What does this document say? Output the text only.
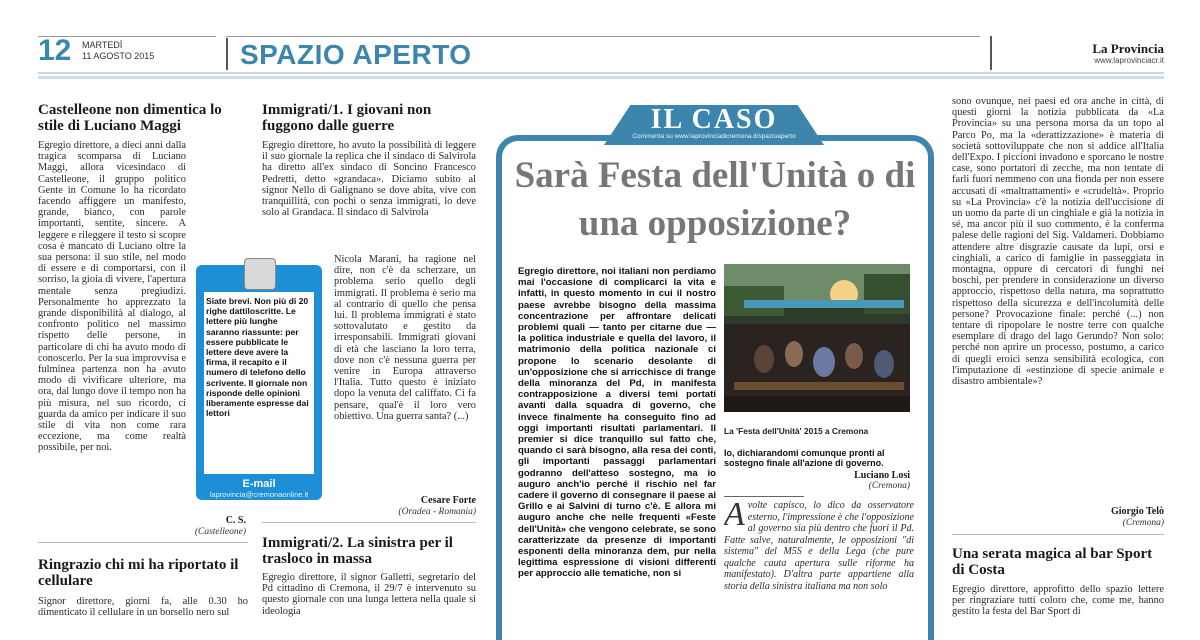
12 MARTEDÌ
11 AGOSTO 2015	SPAZIO APERTO	La Provincia
www.laprovinciacr.it
Castelleone non dimentica lo stile di Luciano Maggi
Egregio direttore, a dieci anni dalla tragica scomparsa di Luciano Maggi, allora vicesindaco di Castelleone, il gruppo politico Gente in Comune lo ha ricordato facendo affiggere un manifesto, grande, bianco, con parole importanti, sentite, sincere. A leggere e rileggere il testo si scopre cosa è mancato di Luciano oltre la sua persona: il suo stile, nel modo di essere e di comportarsi, con il sorriso, la gioia di vivere, l'apertura mentale senza pregiudizi. Personalmente ho apprezzato la grande disponibilità al dialogo, al confronto politico nel massimo rispetto delle persone, in particolare di chi ha avuto modo di conoscerlo. Per la sua improvvisa e fulminea partenza non ha avuto modo di vivificare ulteriore, ma ora, dal lungo dove il tempo non ha più misura, nel suo ricordo, ci guarda da amico per indicare il suo stile di vita non come rara eccezione, ma come realtà possibile, per noi.
C. S.
(Castelleone)
Ringrazio chi mi ha riportato il cellulare
Signor direttore, giorni fa, alle 0.30 ho dimenticato il cellulare in un borsello nero sul
Immigrati/1. I giovani non fuggono dalle guerre
Egregio direttore, ho avuto la possibilità di leggere il suo giornale la replica che il sindaco di Salvirola ha diretto all'ex sindaco di Soncino Francesco Pedretti, detto «grandaca». Diciamo subito al signor Nello di Galignano se dove abita, vive con tranquillità, con pochi o senza immigrati, lo deve solo al Grandaca. Il sindaco di Salvirola
Nicola Marani, ha ragione nel dire, non c'è da scherzare, un problema serio quello degli immigrati. Il problema è serio ma al contrario di quello che pensa lui. Il problema immigrati è stato sottovalutato e gestito da irresponsabili. Immigrati giovani di età che lasciano la loro terra, dove non c'è nessuna guerra per venire in Europa attraverso l'Italia. Tutto questo è iniziato dopo la venuta del califfato. Ci fa pensare, qual'è il loro vero obiettivo. Una guerra santa? (...)
Cesare Forte
(Oradea - Romania)
Immigrati/2. La sinistra per il trasloco in massa
Egregio direttore, il signor Galletti, segretario del Pd cittadino di Cremona, il 29/7 è intervenuto su questo giornale con una lunga lettera nella quale si ideologia
Siate brevi. Non più di 20 righe dattiloscritte. Le lettere più lunghe saranno riassunte: per essere pubblicate le lettere deve avere la firma, il recapito e il numero di telefono dello scrivente. Il giornale non risponde delle opinioni liberamente espresse dai lettori
E-mail
laprovincia@cremonaonline.it
IL CASO
Commenta su www.laprovinciadicremona.it/spazioaperto
Sarà Festa dell'Unità o di una opposizione?
Egregio direttore, noi italiani non perdiamo mai l'occasione di complicarci la vita e infatti, in questo momento in cui il nostro paese avrebbe bisogno della massima concentrazione per affrontare delicati problemi quali — tanto per citarne due — la politica industriale e quella del lavoro, il matrimonio della politica nazionale ci propone lo scenario desolante di un'opposizione che si arricchisce di frange della minoranza del Pd, in manifesta contrapposizione a diversi temi portati avanti dalla squadra di governo, che invece finalmente ha conseguito fino ad oggi importanti risultati parlamentari. Il premier si dice tranquillo sul fatto che, quando ci sarà bisogno, alla resa dei conti, gli importanti passaggi parlamentari godranno dell'atteso sostegno, ma io auguro anch'io perché il rischio nel far cadere il governo di consegnare il paese ai Grillo e ai Salvini di turno c'è. E allora mi auguro anche che nelle frequenti «Feste dell'Unità» che vengono celebrate, se sono caratterizzate da presenze di importanti esponenti della minoranza dem, pur nella legittima espressione di visioni differenti per approccio alle tematiche, non si
La 'Festa dell'Unità' 2015 a Cremona
Io, dichiarandomi comunque pronti al sostegno finale all'azione di governo.
Luciano Losi
(Cremona)
A volte capisco, lo dico da osservatore esterno, l'impressione è che l'opposizione al governo sia più dentro che fuori il Pd. Fatte salve, naturalmente, le opposizioni "di sistema" del M5S e della Lega (che pure qualche cauta apertura sulle riforme ha manifestato). D'altra parte appartiene alla storia della sinistra italiana ma non solo
sono ovunque, nei paesi ed ora anche in città, di questi giorni la notizia pubblicata da «La Provincia» su una persona morsa da un topo al Parco Po, ma la «derattizzazione» è materia di società sottoviluppate che non si addice all'Italia dell'Expo. I piccioni invadono e sporcano le nostre case, sono portatori di zecche, ma non tentate di farli fuori nemmeno con una fionda per non essere accusati di «maltrattamenti» e «crudeltà». Proprio su «La Provincia» c'è la notizia dell'uccisione di un uomo da parte di un cinghiale e già la notizia in sé, ma ancor più il suo commento, è la conferma palese delle ragioni del Sig. Valdameri. Dobbiamo attendere altre disgrazie causate da lupi, orsi e cinghiali, a carico di famiglie in passeggiata in montagna, oppure di cercatori di funghi nei boschi, per prendere in considerazione un diverso approccio, rispettoso della natura, ma soprattutto rispettoso della sicurezza e dell'incolumità delle persone? Provocazione finale: perché (...) non tentare di ripopolare le nostre terre con qualche esemplare di drago del lago Gerundo? Non solo: perché non aprire un processo, postumo, a carico di quegli eroici senza sensibilità ecologica, con l'imputazione di «estinzione di specie animale e disastro ambientale»?
Giorgio Telò
(Cremona)
Una serata magica al bar Sport di Costa
Egregio direttore, approfitto dello spazio lettere per ringraziare tutti coloro che, come me, hanno gestito la festa del Bar Sport di
